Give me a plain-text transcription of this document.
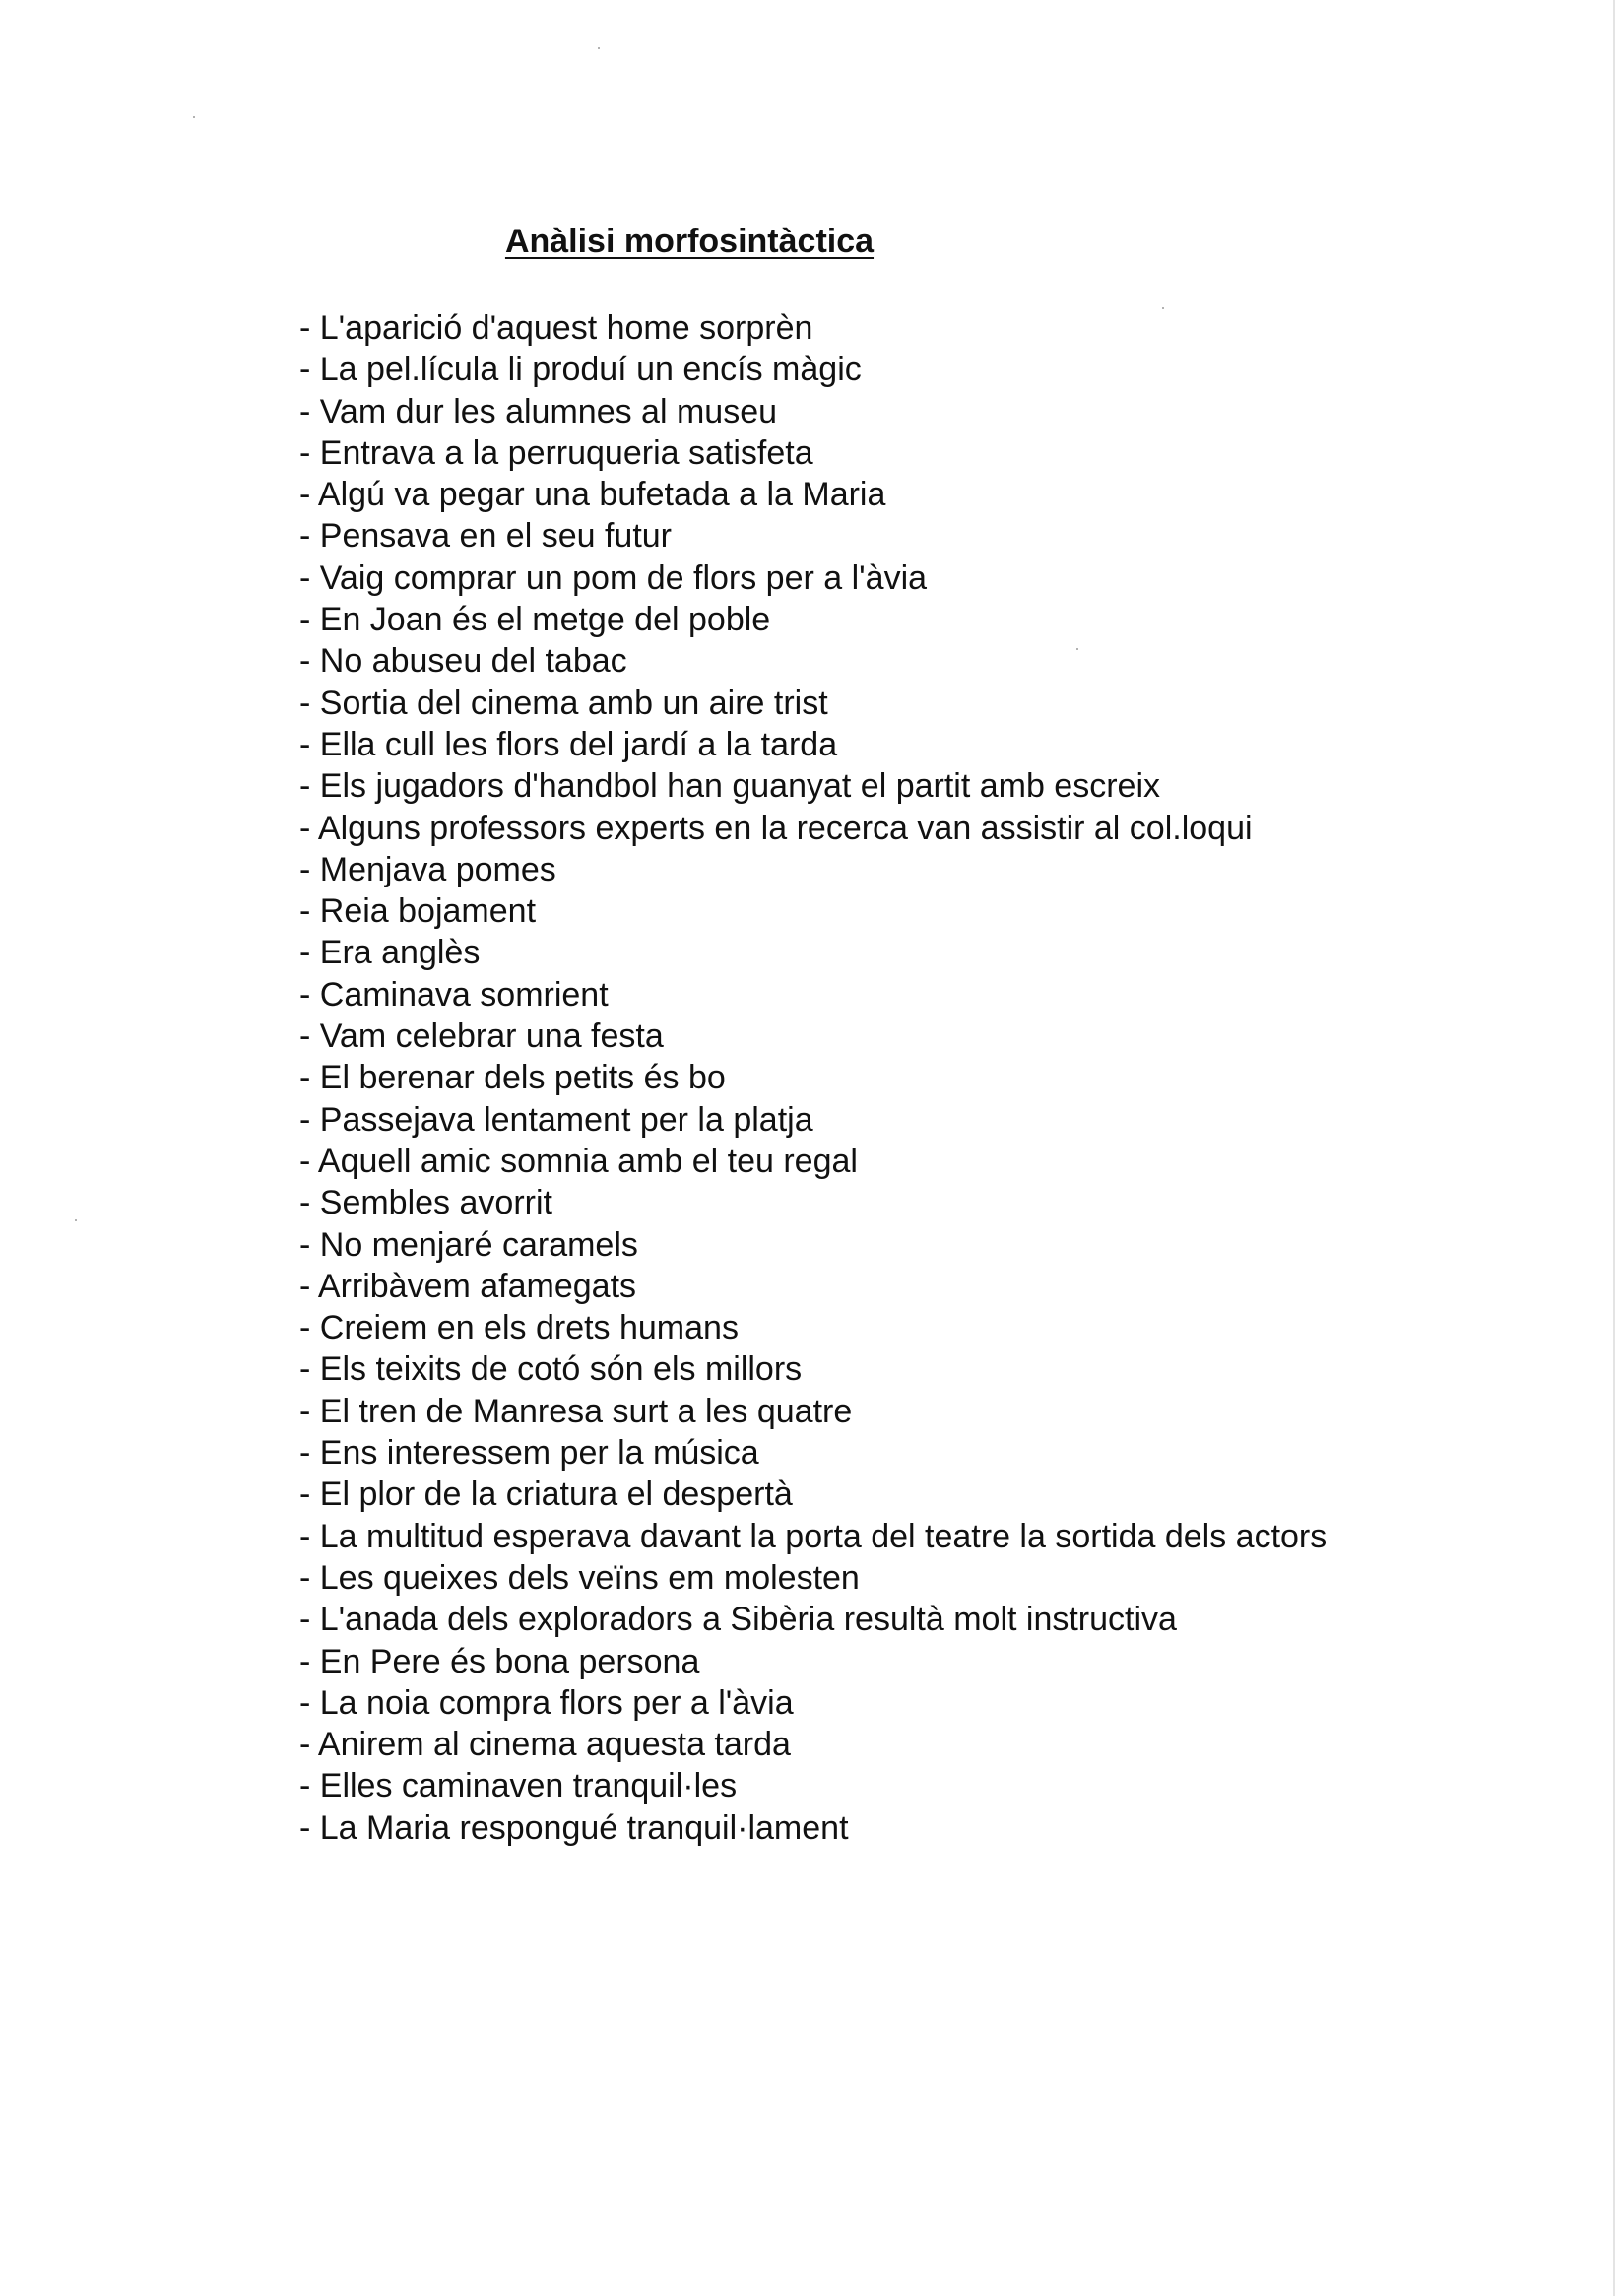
Anàlisi morfosintàctica
- L'aparició d'aquest home sorprèn
- La pel.lícula li produí un encís màgic
- Vam dur les alumnes al museu
- Entrava a la perruqueria satisfeta
- Algú va pegar una bufetada a la Maria
- Pensava en el seu futur
- Vaig comprar un pom de flors per a l'àvia
- En Joan és el metge del poble
- No abuseu del tabac
- Sortia del cinema amb un aire trist
- Ella cull les flors del jardí a la tarda
- Els jugadors d'handbol han guanyat el partit amb escreix
- Alguns professors experts en la recerca van assistir al col.loqui
- Menjava pomes
- Reia bojament
- Era anglès
- Caminava somrient
- Vam celebrar una festa
- El berenar dels petits és bo
- Passejava lentament per la platja
- Aquell amic somnia amb el teu regal
- Sembles avorrit
- No menjaré caramels
- Arribàvem afamegats
- Creiem en els drets humans
- Els teixits de cotó són els millors
- El tren de Manresa surt a les quatre
- Ens interessem per la música
- El plor de la criatura el despertà
- La multitud esperava davant la porta del teatre la sortida dels actors
- Les queixes dels veïns em molesten
- L'anada dels exploradors a Sibèria resultà molt instructiva
- En Pere és bona persona
- La noia compra flors per a l'àvia
- Anirem al cinema aquesta tarda
- Elles caminaven tranquil·les
- La Maria respongué tranquil·lament
